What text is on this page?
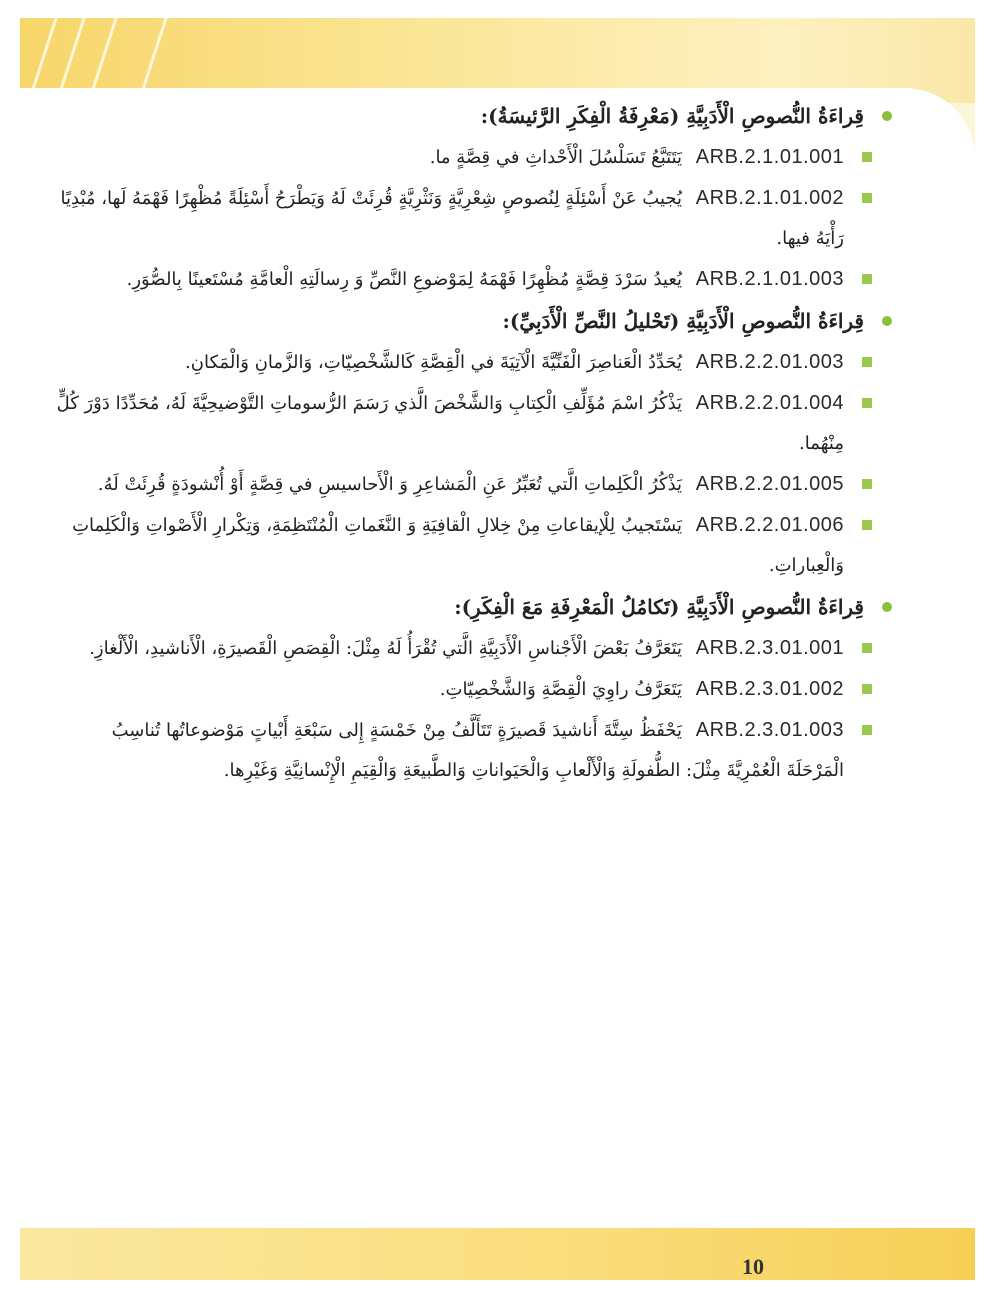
قِراءَةُ النُّصوصِ الْأَدَبِيَّةِ (مَعْرِفَةُ الْفِكَرِ الرَّئيسَةُ):

ARB.2.1.01.001 يَتَتَبَّعُ تَسَلْسُلَ الْأَحْداثِ في قِصَّةٍ ما.
ARB.2.1.01.002 يُجيبُ عَنْ أَسْئِلَةٍ لِنُصوصٍ شِعْرِيَّةٍ وَنَثْرِيَّةٍ قُرِئَتْ لَهُ وَيَطْرَحُ أَسْئِلَةً مُظْهِرًا فَهْمَهُ لَها، مُبْدِيًا رَأْيَهُ فيها.
ARB.2.1.01.003 يُعيدُ سَرْدَ قِصَّةٍ مُظْهِرًا فَهْمَهُ لِمَوْضوعِ النَّصِّ وَ رِسالَتِهِ الْعامَّةِ مُسْتَعينًا بِالصُّوَرِ.

قِراءَةُ النُّصوصِ الْأَدَبِيَّةِ (تَحْليلُ النَّصِّ الْأَدَبِيِّ):

ARB.2.2.01.003 يُحَدِّدُ الْعَناصِرَ الْفَنِّيَّةَ الْآتِيَةَ في الْقِصَّةِ كَالشَّخْصِيّاتِ، وَالزَّمانِ وَالْمَكانِ.
ARB.2.2.01.004 يَذْكُرُ اسْمَ مُؤَلِّفِ الْكِتابِ وَالشَّخْصَ الَّذي رَسَمَ الرُّسوماتِ التَّوْضيحِيَّةَ لَهُ، مُحَدِّدًا دَوْرَ كُلٍّ مِنْهُما.
ARB.2.2.01.005 يَذْكُرُ الْكَلِماتِ الَّتي تُعَبِّرُ عَنِ الْمَشاعِرِ وَ الْأَحاسيسِ في قِصَّةٍ أَوْ أُنْشودَةٍ قُرِئَتْ لَهُ.
ARB.2.2.01.006 يَسْتَجيبُ لِلْإيقاعاتِ مِنْ خِلالِ الْقافِيَةِ وَ النَّغَماتِ الْمُنْتَظِمَةِ، وَتِكْرارِ الْأَصْواتِ وَالْكَلِماتِ وَالْعِباراتِ.

قِراءَةُ النُّصوصِ الْأَدَبِيَّةِ (تَكامُلُ الْمَعْرِفَةِ مَعَ الْفِكَرِ):

ARB.2.3.01.001 يَتَعَرَّفُ بَعْضَ الْأَجْناسِ الْأَدَبِيَّةِ الَّتي تُقْرَأُ لَهُ مِثْلَ: الْقِصَصِ الْقَصيرَةِ، الْأَناشيدِ، الْأَلْغازِ.
ARB.2.3.01.002 يَتَعَرَّفُ راوِيَ الْقِصَّةِ وَالشَّخْصِيّاتِ.
ARB.2.3.01.003 يَحْفَظُ سِتَّةَ أَناشيدَ قَصيرَةٍ تَتَأَلَّفُ مِنْ خَمْسَةٍ إِلى سَبْعَةِ أَبْياتٍ مَوْضوعاتُها تُناسِبُ الْمَرْحَلَةَ الْعُمْرِيَّةَ مِثْلَ: الطُّفولَةِ وَالْأَلْعابِ وَالْحَيَواناتِ وَالطَّبيعَةِ وَالْقِيَمِ الْإِنْسانِيَّةِ وَغَيْرِها.
10
